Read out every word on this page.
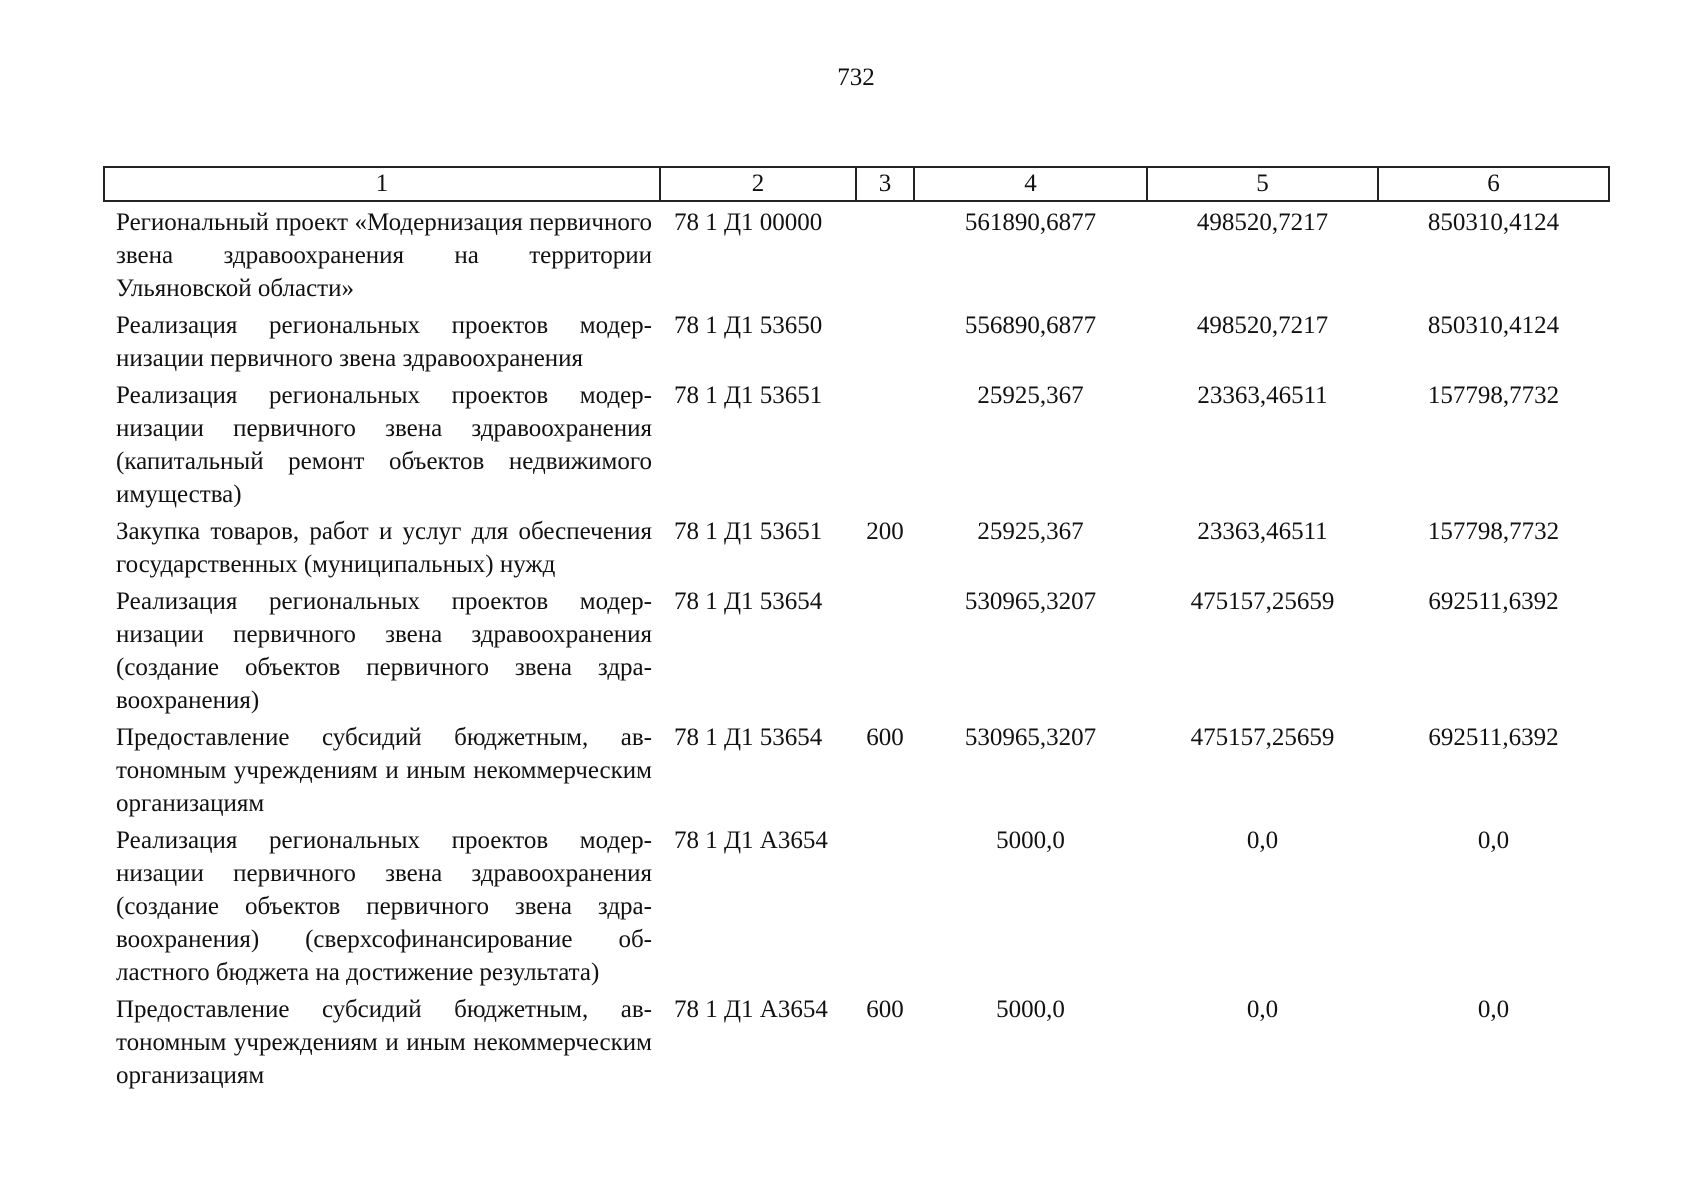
732
1	2	3	4	5	6
Региональный проект «Модернизация первичного звена здравоохранения на территории Ульяновской области»	78 1 Д1 00000		561890,6877	498520,7217	850310,4124
Реализация региональных проектов модернизации первичного звена здравоохранения	78 1 Д1 53650		556890,6877	498520,7217	850310,4124
Реализация региональных проектов модернизации первичного звена здравоохранения (капитальный ремонт объектов недвижимого имущества)	78 1 Д1 53651		25925,367	23363,46511	157798,7732
Закупка товаров, работ и услуг для обеспечения государственных (муниципальных) нужд	78 1 Д1 53651	200	25925,367	23363,46511	157798,7732
Реализация региональных проектов модернизации первичного звена здравоохранения (создание объектов первичного звена здравоохранения)	78 1 Д1 53654		530965,3207	475157,25659	692511,6392
Предоставление субсидий бюджетным, автономным учреждениям и иным некоммерческим организациям	78 1 Д1 53654	600	530965,3207	475157,25659	692511,6392
Реализация региональных проектов модернизации первичного звена здравоохранения (создание объектов первичного звена здравоохранения) (сверхсофинансирование областного бюджета на достижение результата)	78 1 Д1 А3654		5000,0	0,0	0,0
Предоставление субсидий бюджетным, автономным учреждениям и иным некоммерческим организациям	78 1 Д1 А3654	600	5000,0	0,0	0,0
